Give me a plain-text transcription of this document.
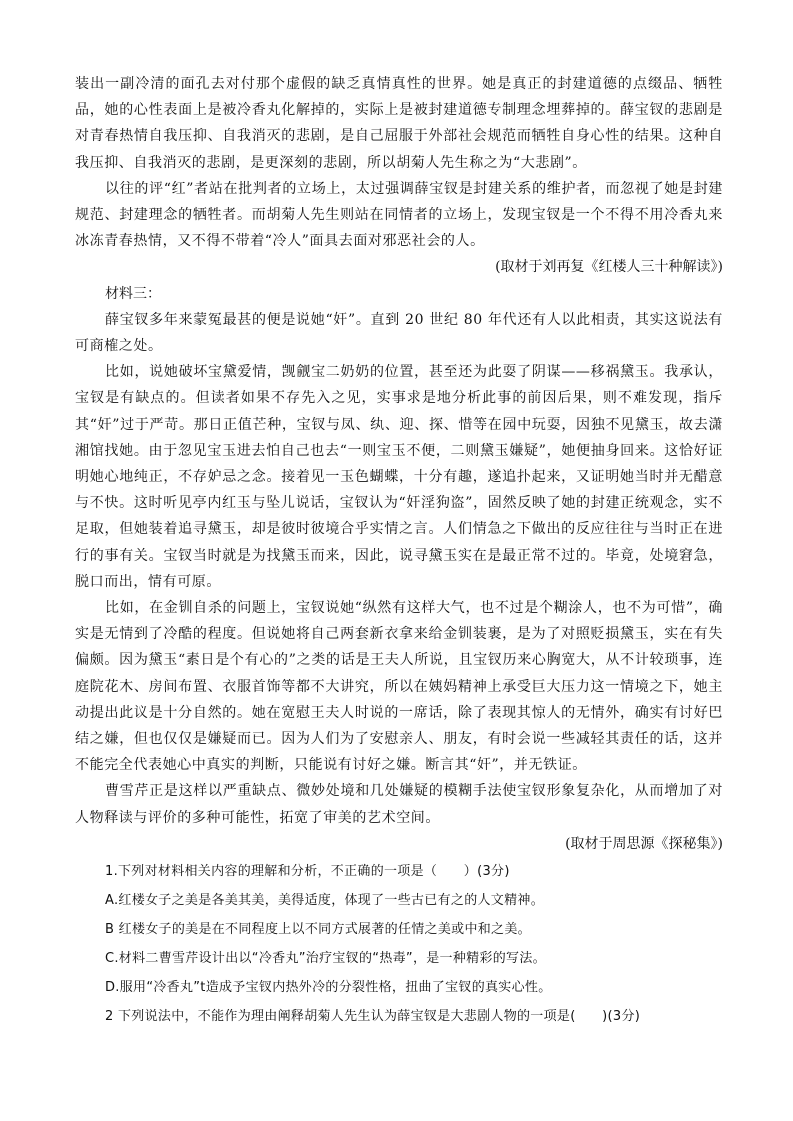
装出一副冷清的面孔去对付那个虚假的缺乏真情真性的世界。她是真正的封建道德的点缀品、牺牲品，她的心性表面上是被冷香丸化解掉的，实际上是被封建道德专制理念埋葬掉的。薛宝钗的悲剧是对青春热情自我压抑、自我消灭的悲剧，是自己屈服于外部社会规范而牺牲自身心性的结果。这种自我压抑、自我消灭的悲剧，是更深刻的悲剧，所以胡菊人先生称之为“大悲剧”。

以往的评“红”者站在批判者的立场上，太过强调薛宝钗是封建关系的维护者，而忽视了她是封建规范、封建理念的牺牲者。而胡菊人先生则站在同情者的立场上，发现宝钗是一个不得不用冷香丸来冰冻青春热情，又不得不带着“冷人”面具去面对邪恶社会的人。

(取材于刘再复《红楼人三十种解读》)

材料三：

薛宝钗多年来蒙冤最甚的便是说她“奸”。直到 20 世纪 80 年代还有人以此相责，其实这说法有可商榷之处。

比如，说她破坏宝黛爱情，觊觎宝二奶奶的位置，甚至还为此耍了阴谋——移祸黛玉。我承认，宝钗是有缺点的。但读者如果不存先入之见，实事求是地分析此事的前因后果，则不难发现，指斥其“奸”过于严苛。那日正值芒种，宝钗与凤、纨、迎、探、惜等在园中玩耍，因独不见黛玉，故去潇湘馆找她。由于忽见宝玉进去怕自己也去“一则宝玉不便，二则黛玉嫌疑”，她便抽身回来。这恰好证明她心地纯正，不存妒忌之念。接着见一玉色蝴蝶，十分有趣，遂追扑起来，又证明她当时并无醋意与不快。这时听见亭内红玉与坠儿说话，宝钗认为“奸淫狗盗”，固然反映了她的封建正统观念，实不足取，但她装着追寻黛玉，却是彼时彼境合乎实情之言。人们情急之下做出的反应往往与当时正在进行的事有关。宝钗当时就是为找黛玉而来，因此，说寻黛玉实在是最正常不过的。毕竟，处境窘急，脱口而出，情有可原。

比如，在金钏自杀的问题上，宝钗说她“纵然有这样大气，也不过是个糊涂人，也不为可惜”，确实是无情到了冷酷的程度。但说她将自己两套新衣拿来给金钏装裹，是为了对照贬损黛玉，实在有失偏颇。因为黛玉“素日是个有心的”之类的话是王夫人所说，且宝钗历来心胸宽大，从不计较琐事，连庭院花木、房间布置、衣服首饰等都不大讲究，所以在姨妈精神上承受巨大压力这一情境之下，她主动提出此议是十分自然的。她在宽慰王夫人时说的一席话，除了表现其惊人的无情外，确实有讨好巴结之嫌，但也仅仅是嫌疑而已。因为人们为了安慰亲人、朋友，有时会说一些减轻其责任的话，这并不能完全代表她心中真实的判断，只能说有讨好之嫌。断言其“奸”，并无铁证。

曹雪芹正是这样以严重缺点、微妙处境和几处嫌疑的模糊手法使宝钗形象复杂化，从而增加了对人物释读与评价的多种可能性，拓宽了审美的艺术空间。

(取材于周思源《探秘集》)

1.下列对材料相关内容的理解和分析，不正确的一项是（　　）(3分)

A.红楼女子之美是各美其美，美得适度，体现了一些古已有之的人文精神。

B 红楼女子的美是在不同程度上以不同方式展著的任情之美或中和之美。

C.材料二曹雪芹设计出以“冷香丸”治疗宝钗的“热毒”，是一种精彩的写法。

D.服用“冷香丸”t造成予宝钗内热外冷的分裂性格，扭曲了宝钗的真实心性。

2 下列说法中，不能作为理由阐释胡菊人先生认为薛宝钗是大悲剧人物的一项是(　　)(3分)
